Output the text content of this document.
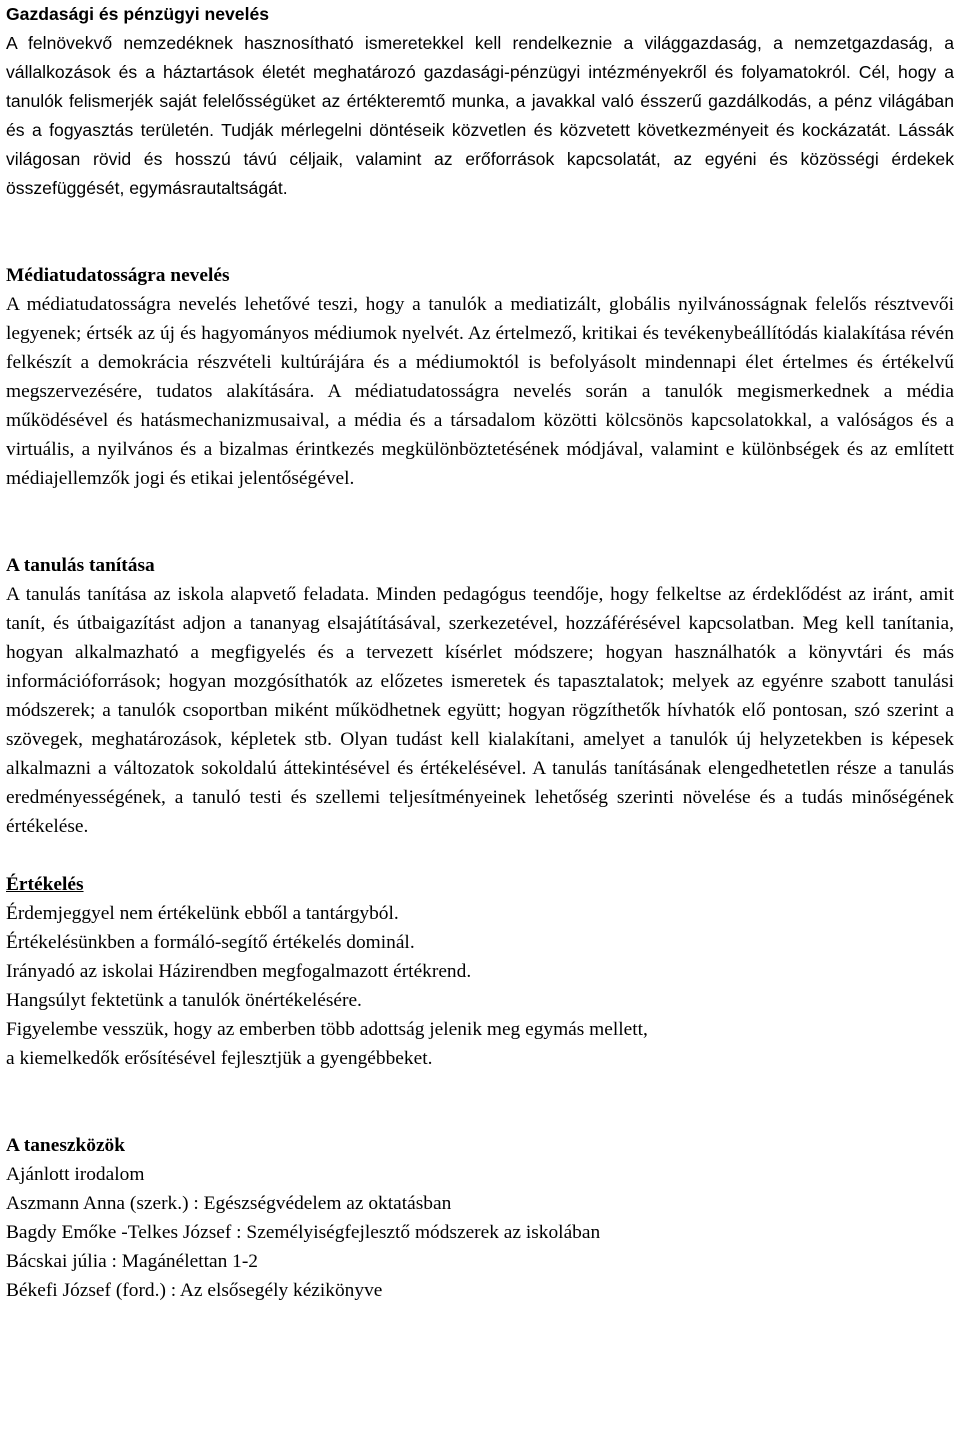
Gazdasági és pénzügyi nevelés

A felnövekvő nemzedéknek hasznosítható ismeretekkel kell rendelkeznie a világgazdaság, a nemzetgazdaság, a vállalkozások és a háztartások életét meghatározó gazdasági-pénzügyi intézményekről és folyamatokról. Cél, hogy a tanulók felismerjék saját felelősségüket az értékteremtő munka, a javakkal való ésszerű gazdálkodás, a pénz világában és a fogyasztás területén. Tudják mérlegelni döntéseik közvetlen és közvetett következményeit és kockázatát. Lássák világosan rövid és hosszú távú céljaik, valamint az erőforrások kapcsolatát, az egyéni és közösségi érdekek összefüggését, egymásrautaltságát.

Médiatudatosságra nevelés

A médiatudatosságra nevelés lehetővé teszi, hogy a tanulók a mediatizált, globális nyilvánosságnak felelős résztvevői legyenek; értsék az új és hagyományos médiumok nyelvét. Az értelmező, kritikai és tevékenybeállítódás kialakítása révén felkészít a demokrácia részvételi kultúrájára és a médiumoktól is befolyásolt mindennapi élet értelmes és értékelvű megszervezésére, tudatos alakítására. A médiatudatosságra nevelés során a tanulók megismerkednek a média működésével és hatásmechanizmusaival, a média és a társadalom közötti kölcsönös kapcsolatokkal, a valóságos és a virtuális, a nyilvános és a bizalmas érintkezés megkülönböztetésének módjával, valamint e különbségek és az említett médiajellemzők jogi és etikai jelentőségével.

A tanulás tanítása

A tanulás tanítása az iskola alapvető feladata. Minden pedagógus teendője, hogy felkeltse az érdeklődést az iránt, amit tanít, és útbaigazítást adjon a tananyag elsajátításával, szerkezetével, hozzáférésével kapcsolatban. Meg kell tanítania, hogyan alkalmazható a megfigyelés és a tervezett kísérlet módszere; hogyan használhatók a könyvtári és más információforrások; hogyan mozgósíthatók az előzetes ismeretek és tapasztalatok; melyek az egyénre szabott tanulási módszerek; a tanulók csoportban miként működhetnek együtt; hogyan rögzíthetők hívhatók elő pontosan, szó szerint a szövegek, meghatározások, képletek stb. Olyan tudást kell kialakítani, amelyet a tanulók új helyzetekben is képesek alkalmazni a változatok sokoldalú áttekintésével és értékelésével. A tanulás tanításának elengedhetetlen része a tanulás eredményességének, a tanuló testi és szellemi teljesítményeinek lehetőség szerinti növelése és a tudás minőségének értékelése.

Értékelés
Érdemjeggyel nem értékelünk ebből a tantárgyból.
Értékelésünkben a formáló-segítő értékelés dominál.
Irányadó az iskolai Házirendben megfogalmazott értékrend.
Hangsúlyt fektetünk a tanulók önértékelésére.
Figyelembe vesszük, hogy az emberben több adottság jelenik meg egymás mellett,
a kiemelkedők erősítésével fejlesztjük a gyengébbeket.
A taneszközök
Ajánlott irodalom
Aszmann Anna (szerk.) : Egészségvédelem az oktatásban
Bagdy Emőke -Telkes József : Személyiségfejlesztő módszerek az iskolában
Bácskai júlia : Magánélettan 1-2
Békefi József (ford.) : Az elsősegély kézikönyve
